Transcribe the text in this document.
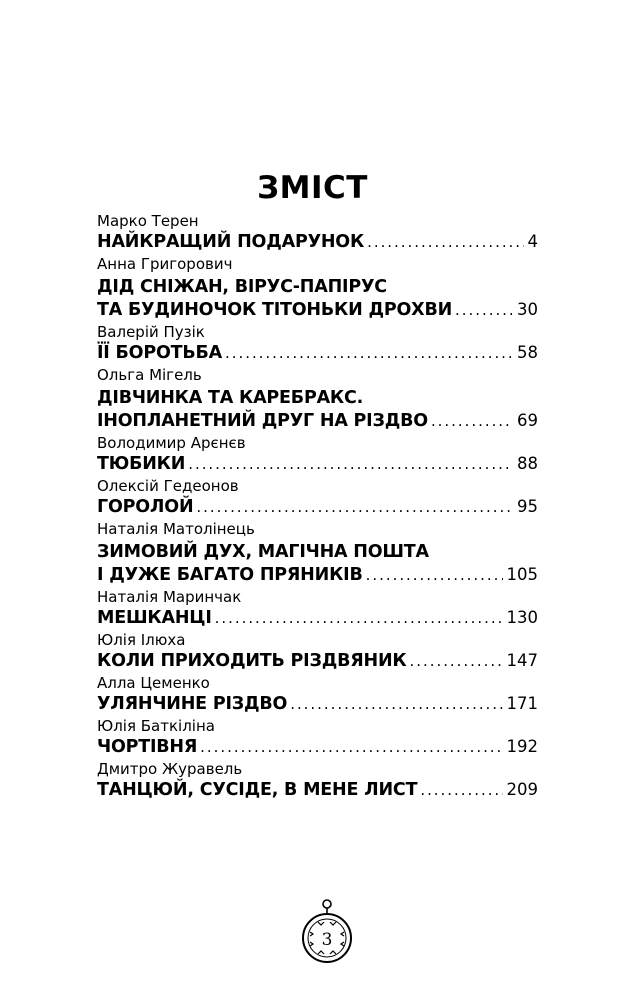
ЗМІСТ
Марко Терен
НАЙКРАЩИЙ ПОДАРУНОК . . .	4
Анна Григорович
ДІД СНІЖАН, ВІРУС-ПАПІРУС
ТА БУДИНОЧОК ТІТОНЬКИ ДРОХВИ . . .	30
Валерій Пузік
ЇЇ БОРОТЬБА . . .	58
Ольга Мігель
ДІВЧИНКА ТА КАРЕБРАКС.
ІНОПЛАНЕТНИЙ ДРУГ НА РІЗДВО . . .	69
Володимир Арєнєв
ТЮБИКИ . . .	88
Олексій Гедеонов
ГОРОЛОЙ . . .	95
Наталія Матолінець
ЗИМОВИЙ ДУХ, МАГІЧНА ПОШТА
І ДУЖЕ БАГАТО ПРЯНИКІВ . . .	105
Наталія Маринчак
МЕШКАНЦІ . . .	130
Юлія Ілюха
КОЛИ ПРИХОДИТЬ РІЗДВЯНИК . . .	147
Алла Цеменко
УЛЯНЧИНЕ РІЗДВО . . .	171
Юлія Баткіліна
ЧОРТІВНЯ . . .	192
Дмитро Журавель
ТАНЦЮЙ, СУСІДЕ, В МЕНЕ ЛИСТ . . .	209
3
